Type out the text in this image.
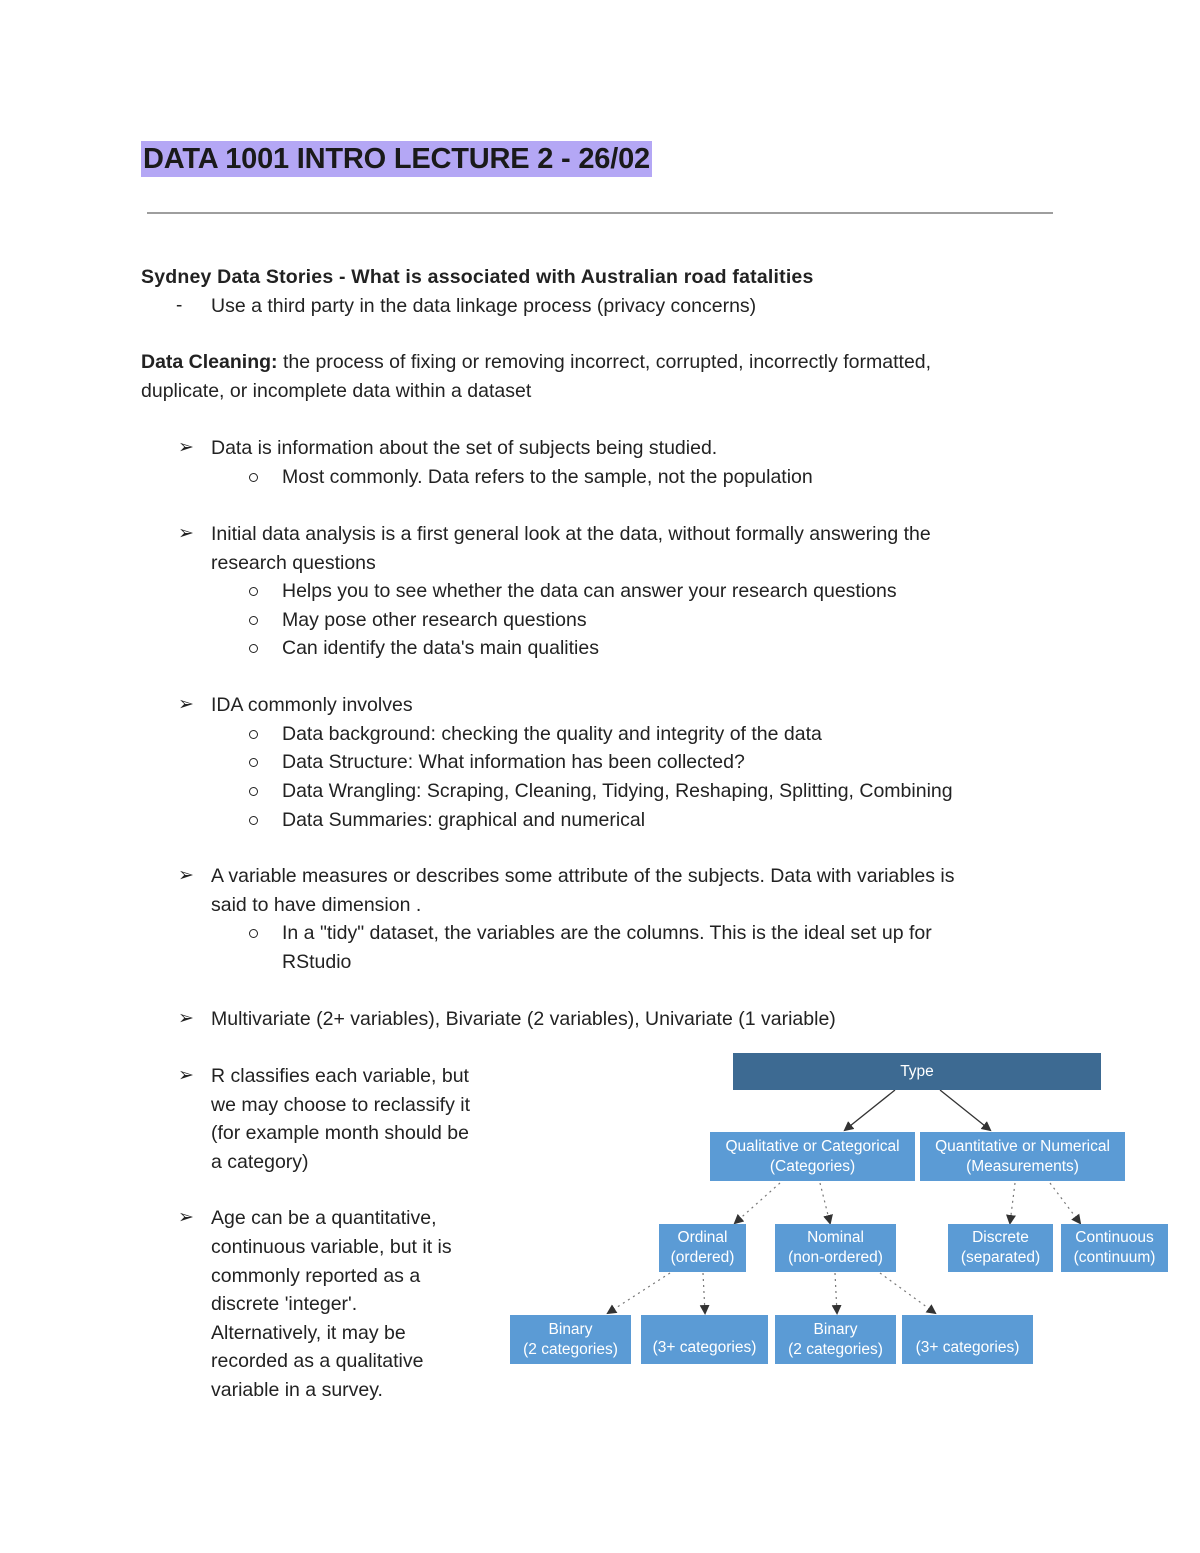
DATA 1001 INTRO LECTURE 2 - 26/02
Sydney Data Stories - What is associated with Australian road fatalities
- Use a third party in the data linkage process (privacy concerns)
Data Cleaning: the process of fixing or removing incorrect, corrupted, incorrectly formatted,
duplicate, or incomplete data within a dataset
➢ Data is information about the set of subjects being studied.
Most commonly. Data refers to the sample, not the population
➢ Initial data analysis is a first general look at the data, without formally answering the
research questions
Helps you to see whether the data can answer your research questions
May pose other research questions
Can identify the data's main qualities
➢ IDA commonly involves
Data background: checking the quality and integrity of the data
Data Structure: What information has been collected?
Data Wrangling: Scraping, Cleaning, Tidying, Reshaping, Splitting, Combining
Data Summaries: graphical and numerical
➢ A variable measures or describes some attribute of the subjects. Data with variables is
said to have dimension .
In a "tidy" dataset, the variables are the columns. This is the ideal set up for
RStudio
➢ Multivariate (2+ variables), Bivariate (2 variables), Univariate (1 variable)
➢ R classifies each variable, but
we may choose to reclassify it
(for example month should be
a category)
➢ Age can be a quantitative,
continuous variable, but it is
commonly reported as a
discrete 'integer'.
Alternatively, it may be
recorded as a qualitative
variable in a survey.
Type
Qualitative or Categorical
(Categories)
Quantitative or Numerical
(Measurements)
Ordinal
(ordered)
Nominal
(non-ordered)
Discrete
(separated)
Continuous
(continuum)
Binary
(2 categories) (3+ categories)
Binary
(2 categories) (3+ categories)
